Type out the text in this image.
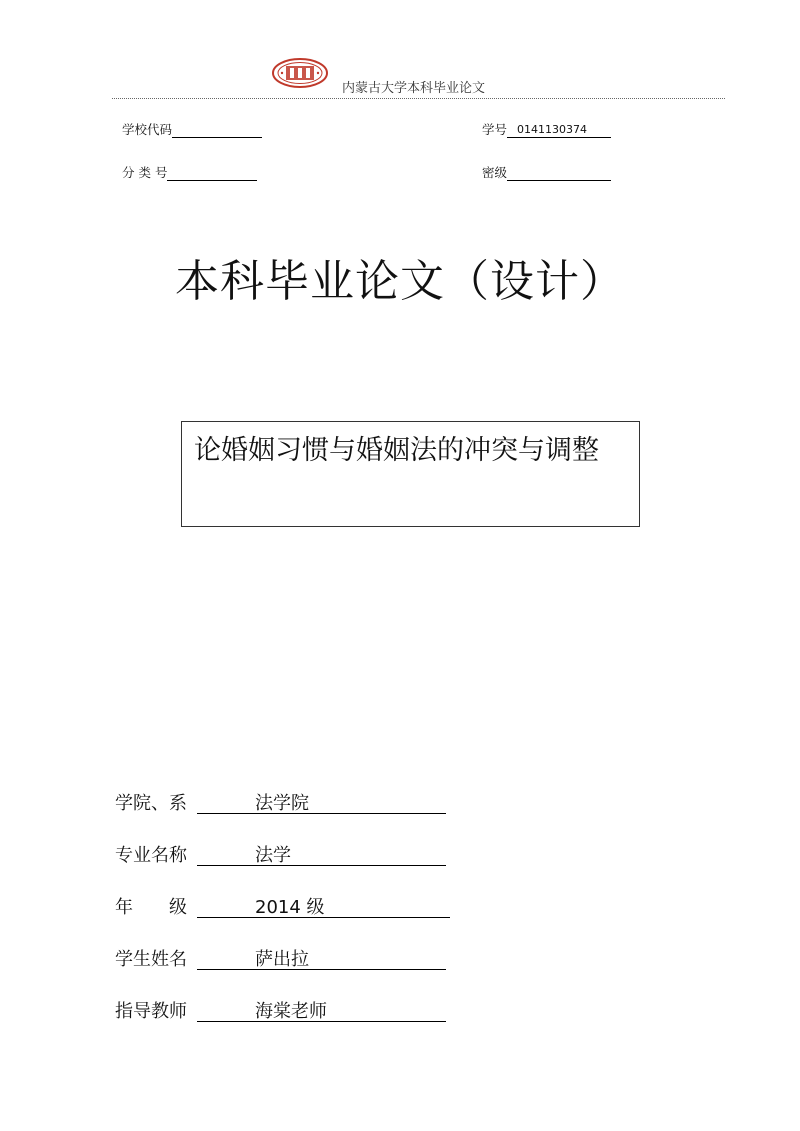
内蒙古大学本科毕业论文
学校代码	学号 0141130374
分 类 号	密级
本科毕业论文（设计）
论婚姻习惯与婚姻法的冲突与调整
学院、系	法学院
专业名称	法学
年　　级	2014 级
学生姓名	萨出拉
指导教师	海棠老师
